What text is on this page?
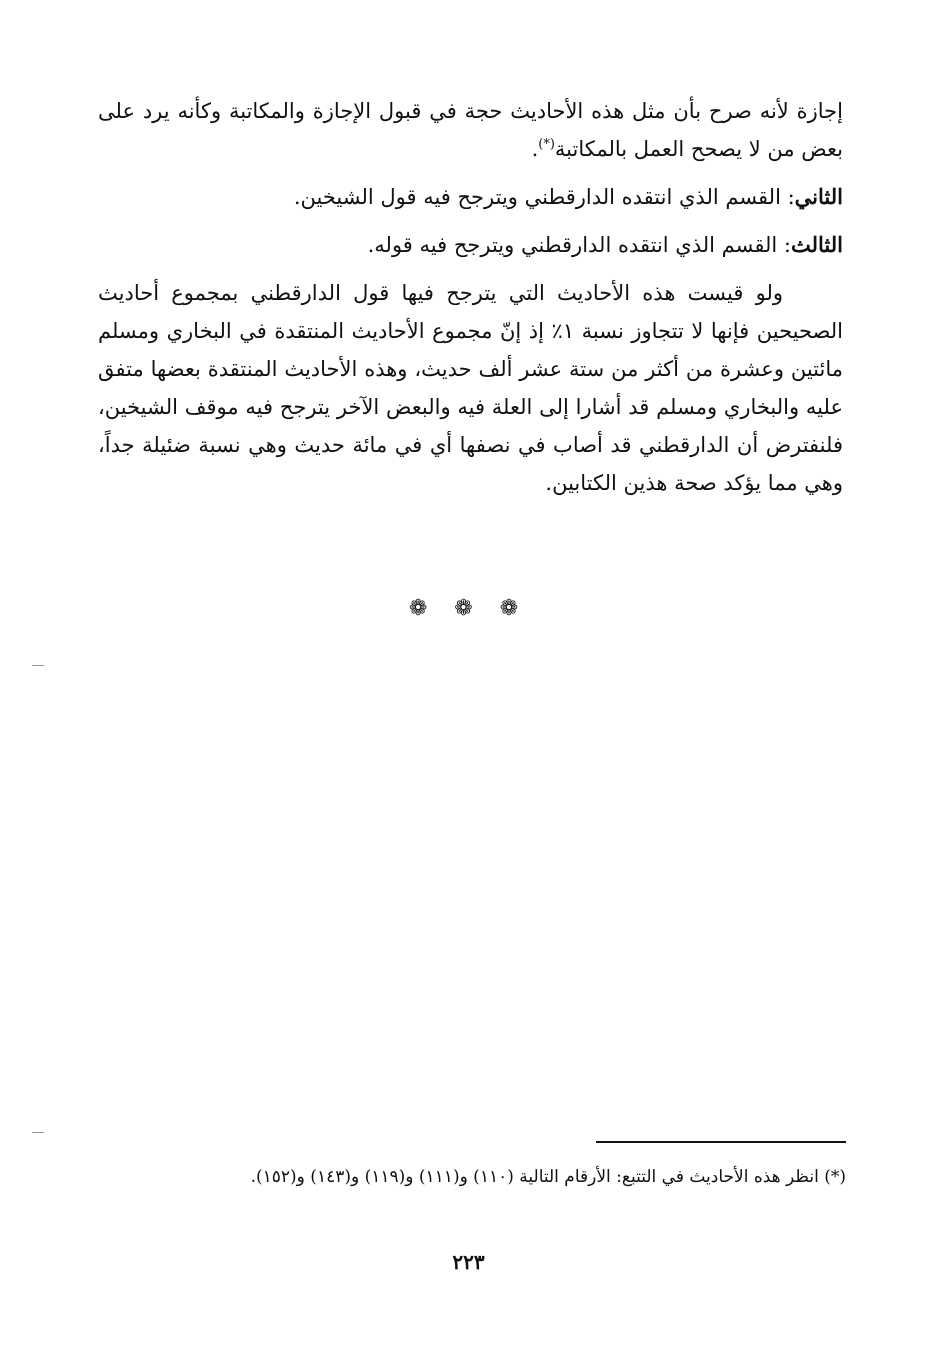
إجازة لأنه صرح بأن مثل هذه الأحاديث حجة في قبول الإجازة والمكاتبة وكأنه يرد على بعض من لا يصحح العمل بالمكاتبة(*).

الثاني: القسم الذي انتقده الدارقطني ويترجح فيه قول الشيخين.

الثالث: القسم الذي انتقده الدارقطني ويترجح فيه قوله.

ولو قيست هذه الأحاديث التي يترجح فيها قول الدارقطني بمجموع أحاديث الصحيحين فإنها لا تتجاوز نسبة ١٪ إذ إنّ مجموع الأحاديث المنتقدة في البخاري ومسلم مائتين وعشرة من أكثر من ستة عشر ألف حديث، وهذه الأحاديث المنتقدة بعضها متفق عليه والبخاري ومسلم قد أشارا إلى العلة فيه والبعض الآخر يترجح فيه موقف الشيخين، فلنفترض أن الدارقطني قد أصاب في نصفها أي في مائة حديث وهي نسبة ضئيلة جداً، وهي مما يؤكد صحة هذين الكتابين.

❁ ❁ ❁
(*) انظر هذه الأحاديث في التتبع: الأرقام التالية (١١٠) و(١١١) و(١١٩) و(١٤٣) و(١٥٢).
٢٢٣
